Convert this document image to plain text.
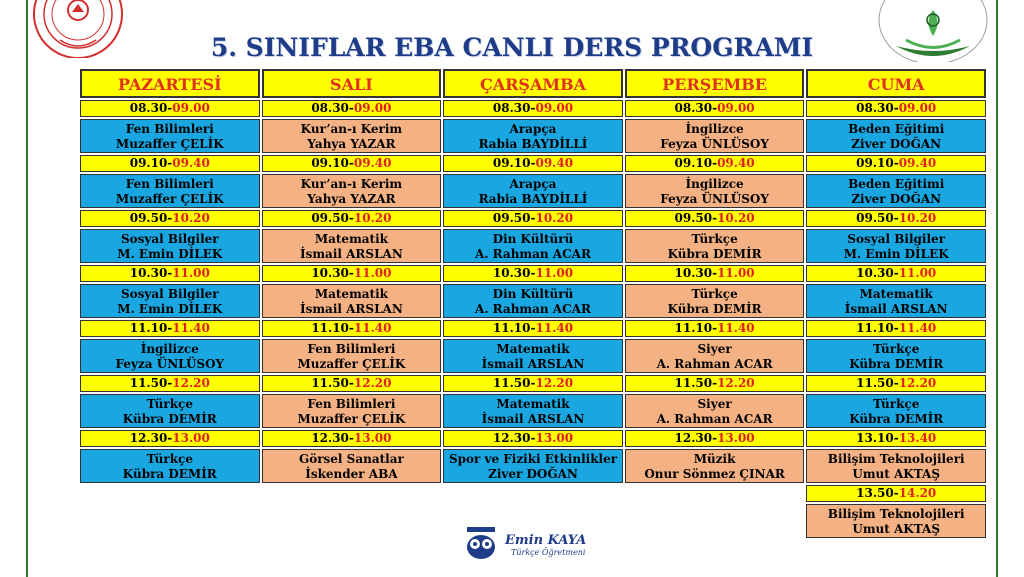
5. SINIFLAR EBA CANLI DERS PROGRAMI
PAZARTESİ
08.30-09.00
Fen Bilimleri
Muzaffer ÇELİK
09.10-09.40
Fen Bilimleri
Muzaffer ÇELİK
09.50-10.20
Sosyal Bilgiler
M. Emin DİLEK
10.30-11.00
Sosyal Bilgiler
M. Emin DİLEK
11.10-11.40
İngilizce
Feyza ÜNLÜSOY
11.50-12.20
Türkçe
Kübra DEMİR
12.30-13.00
Türkçe
Kübra DEMİR
SALI
08.30-09.00
Kur’an-ı Kerim
Yahya YAZAR
09.10-09.40
Kur’an-ı Kerim
Yahya YAZAR
09.50-10.20
Matematik
İsmail ARSLAN
10.30-11.00
Matematik
İsmail ARSLAN
11.10-11.40
Fen Bilimleri
Muzaffer ÇELİK
11.50-12.20
Fen Bilimleri
Muzaffer ÇELİK
12.30-13.00
Görsel Sanatlar
İskender ABA
ÇARŞAMBA
08.30-09.00
Arapça
Rabia BAYDİLLİ
09.10-09.40
Arapça
Rabia BAYDİLLİ
09.50-10.20
Din Kültürü
A. Rahman ACAR
10.30-11.00
Din Kültürü
A. Rahman ACAR
11.10-11.40
Matematik
İsmail ARSLAN
11.50-12.20
Matematik
İsmail ARSLAN
12.30-13.00
Spor ve Fiziki Etkinlikler
Ziver DOĞAN
PERŞEMBE
08.30-09.00
İngilizce
Feyza ÜNLÜSOY
09.10-09.40
İngilizce
Feyza ÜNLÜSOY
09.50-10.20
Türkçe
Kübra DEMİR
10.30-11.00
Türkçe
Kübra DEMİR
11.10-11.40
Siyer
A. Rahman ACAR
11.50-12.20
Siyer
A. Rahman ACAR
12.30-13.00
Müzik
Onur Sönmez ÇINAR
CUMA
08.30-09.00
Beden Eğitimi
Ziver DOĞAN
09.10-09.40
Beden Eğitimi
Ziver DOĞAN
09.50-10.20
Sosyal Bilgiler
M. Emin DİLEK
10.30-11.00
Matematik
İsmail ARSLAN
11.10-11.40
Türkçe
Kübra DEMİR
11.50-12.20
Türkçe
Kübra DEMİR
13.10-13.40
Bilişim Teknolojileri
Umut AKTAŞ
13.50-14.20
Bilişim Teknolojileri
Umut AKTAŞ
Emin KAYA
Türkçe Öğretmeni
